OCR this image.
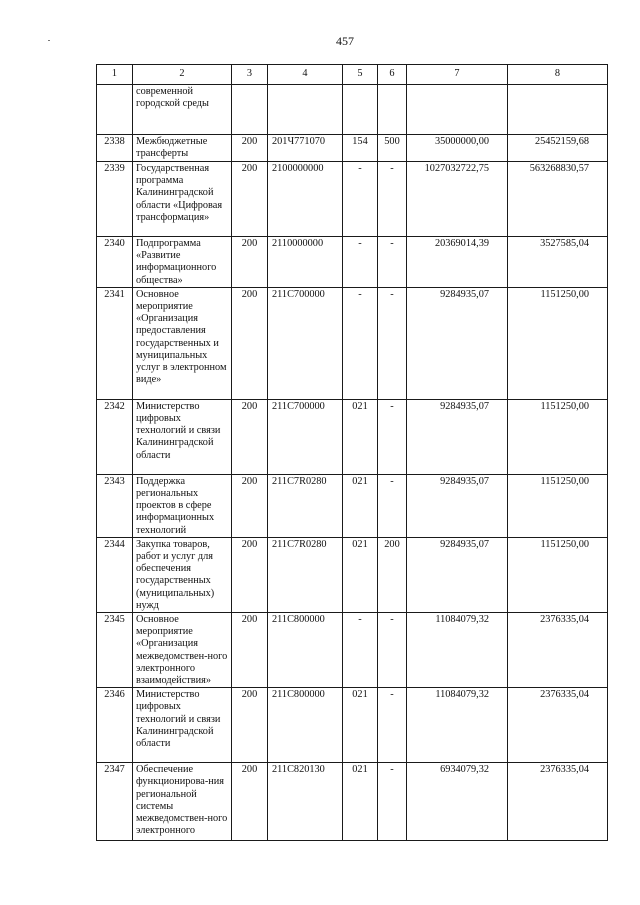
457
1	2	3	4	5	6	7	8
	современной городской среды						
2338	Межбюджетные трансферты	200	201Ч771070	154	500	35000000,00	25452159,68
2339	Государственная программа Калининградской области «Цифровая трансформация»	200	2100000000	-	-	1027032722,75	563268830,57
2340	Подпрограмма «Развитие информационного общества»	200	2110000000	-	-	20369014,39	3527585,04
2341	Основное мероприятие «Организация предоставления государственных и муниципальных услуг в электронном виде»	200	211С700000	-	-	9284935,07	1151250,00
2342	Министерство цифровых технологий и связи Калининградской области	200	211С700000	021	-	9284935,07	1151250,00
2343	Поддержка региональных проектов в сфере информационных технологий	200	211С7R0280	021	-	9284935,07	1151250,00
2344	Закупка товаров, работ и услуг для обеспечения государственных (муниципальных) нужд	200	211С7R0280	021	200	9284935,07	1151250,00
2345	Основное мероприятие «Организация межведомствен-ного электронного взаимодействия»	200	211С800000	-	-	11084079,32	2376335,04
2346	Министерство цифровых технологий и связи Калининградской области	200	211С800000	021	-	11084079,32	2376335,04
2347	Обеспечение функционирова-ния региональной системы межведомствен-ного электронного	200	211С820130	021	-	6934079,32	2376335,04
